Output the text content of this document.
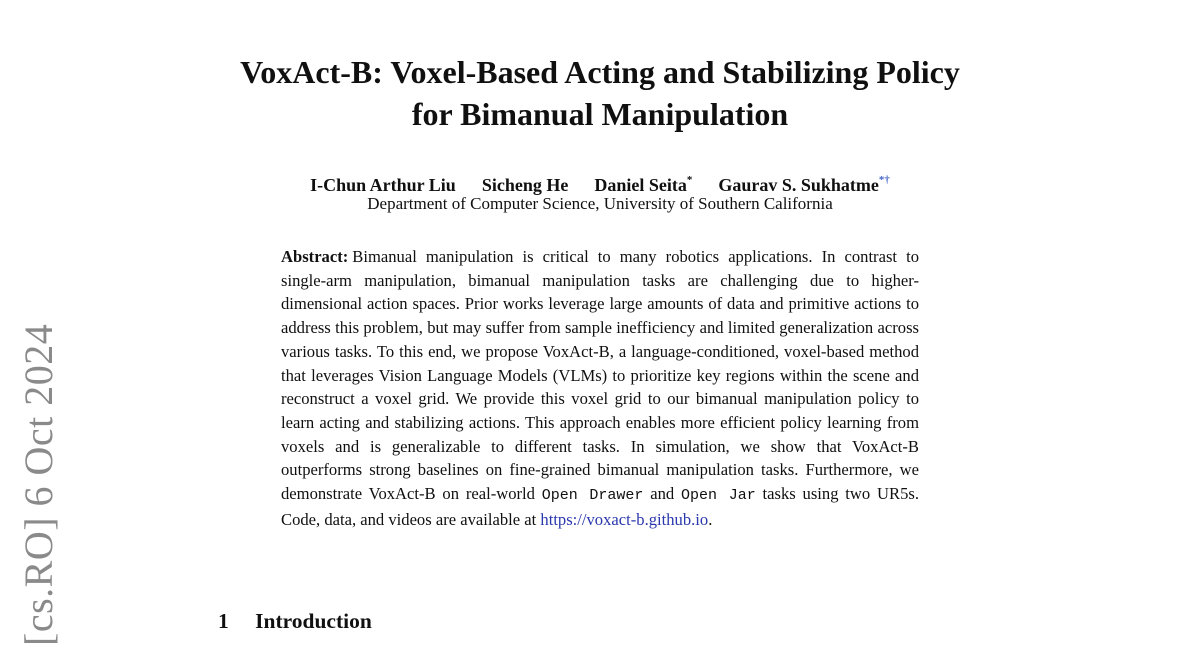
[cs.RO] 6 Oct 2024
VoxAct-B: Voxel-Based Acting and Stabilizing Policy
for Bimanual Manipulation
I-Chun Arthur Liu Sicheng He Daniel Seita* Gaurav S. Sukhatme*†
Department of Computer Science, University of Southern California

Abstract: Bimanual manipulation is critical to many robotics applications. In contrast to single-arm manipulation, bimanual manipulation tasks are challenging due to higher-dimensional action spaces. Prior works leverage large amounts of data and primitive actions to address this problem, but may suffer from sample inefficiency and limited generalization across various tasks. To this end, we propose VoxAct-B, a language-conditioned, voxel-based method that leverages Vision Language Models (VLMs) to prioritize key regions within the scene and reconstruct a voxel grid. We provide this voxel grid to our bimanual manipulation policy to learn acting and stabilizing actions. This approach enables more efficient policy learning from voxels and is generalizable to different tasks. In simulation, we show that VoxAct-B outperforms strong baselines on fine-grained bimanual manipulation tasks. Furthermore, we demonstrate VoxAct-B on real-world Open Drawer and Open Jar tasks using two UR5s. Code, data, and videos are available at https://voxact-b.github.io.

1 Introduction
